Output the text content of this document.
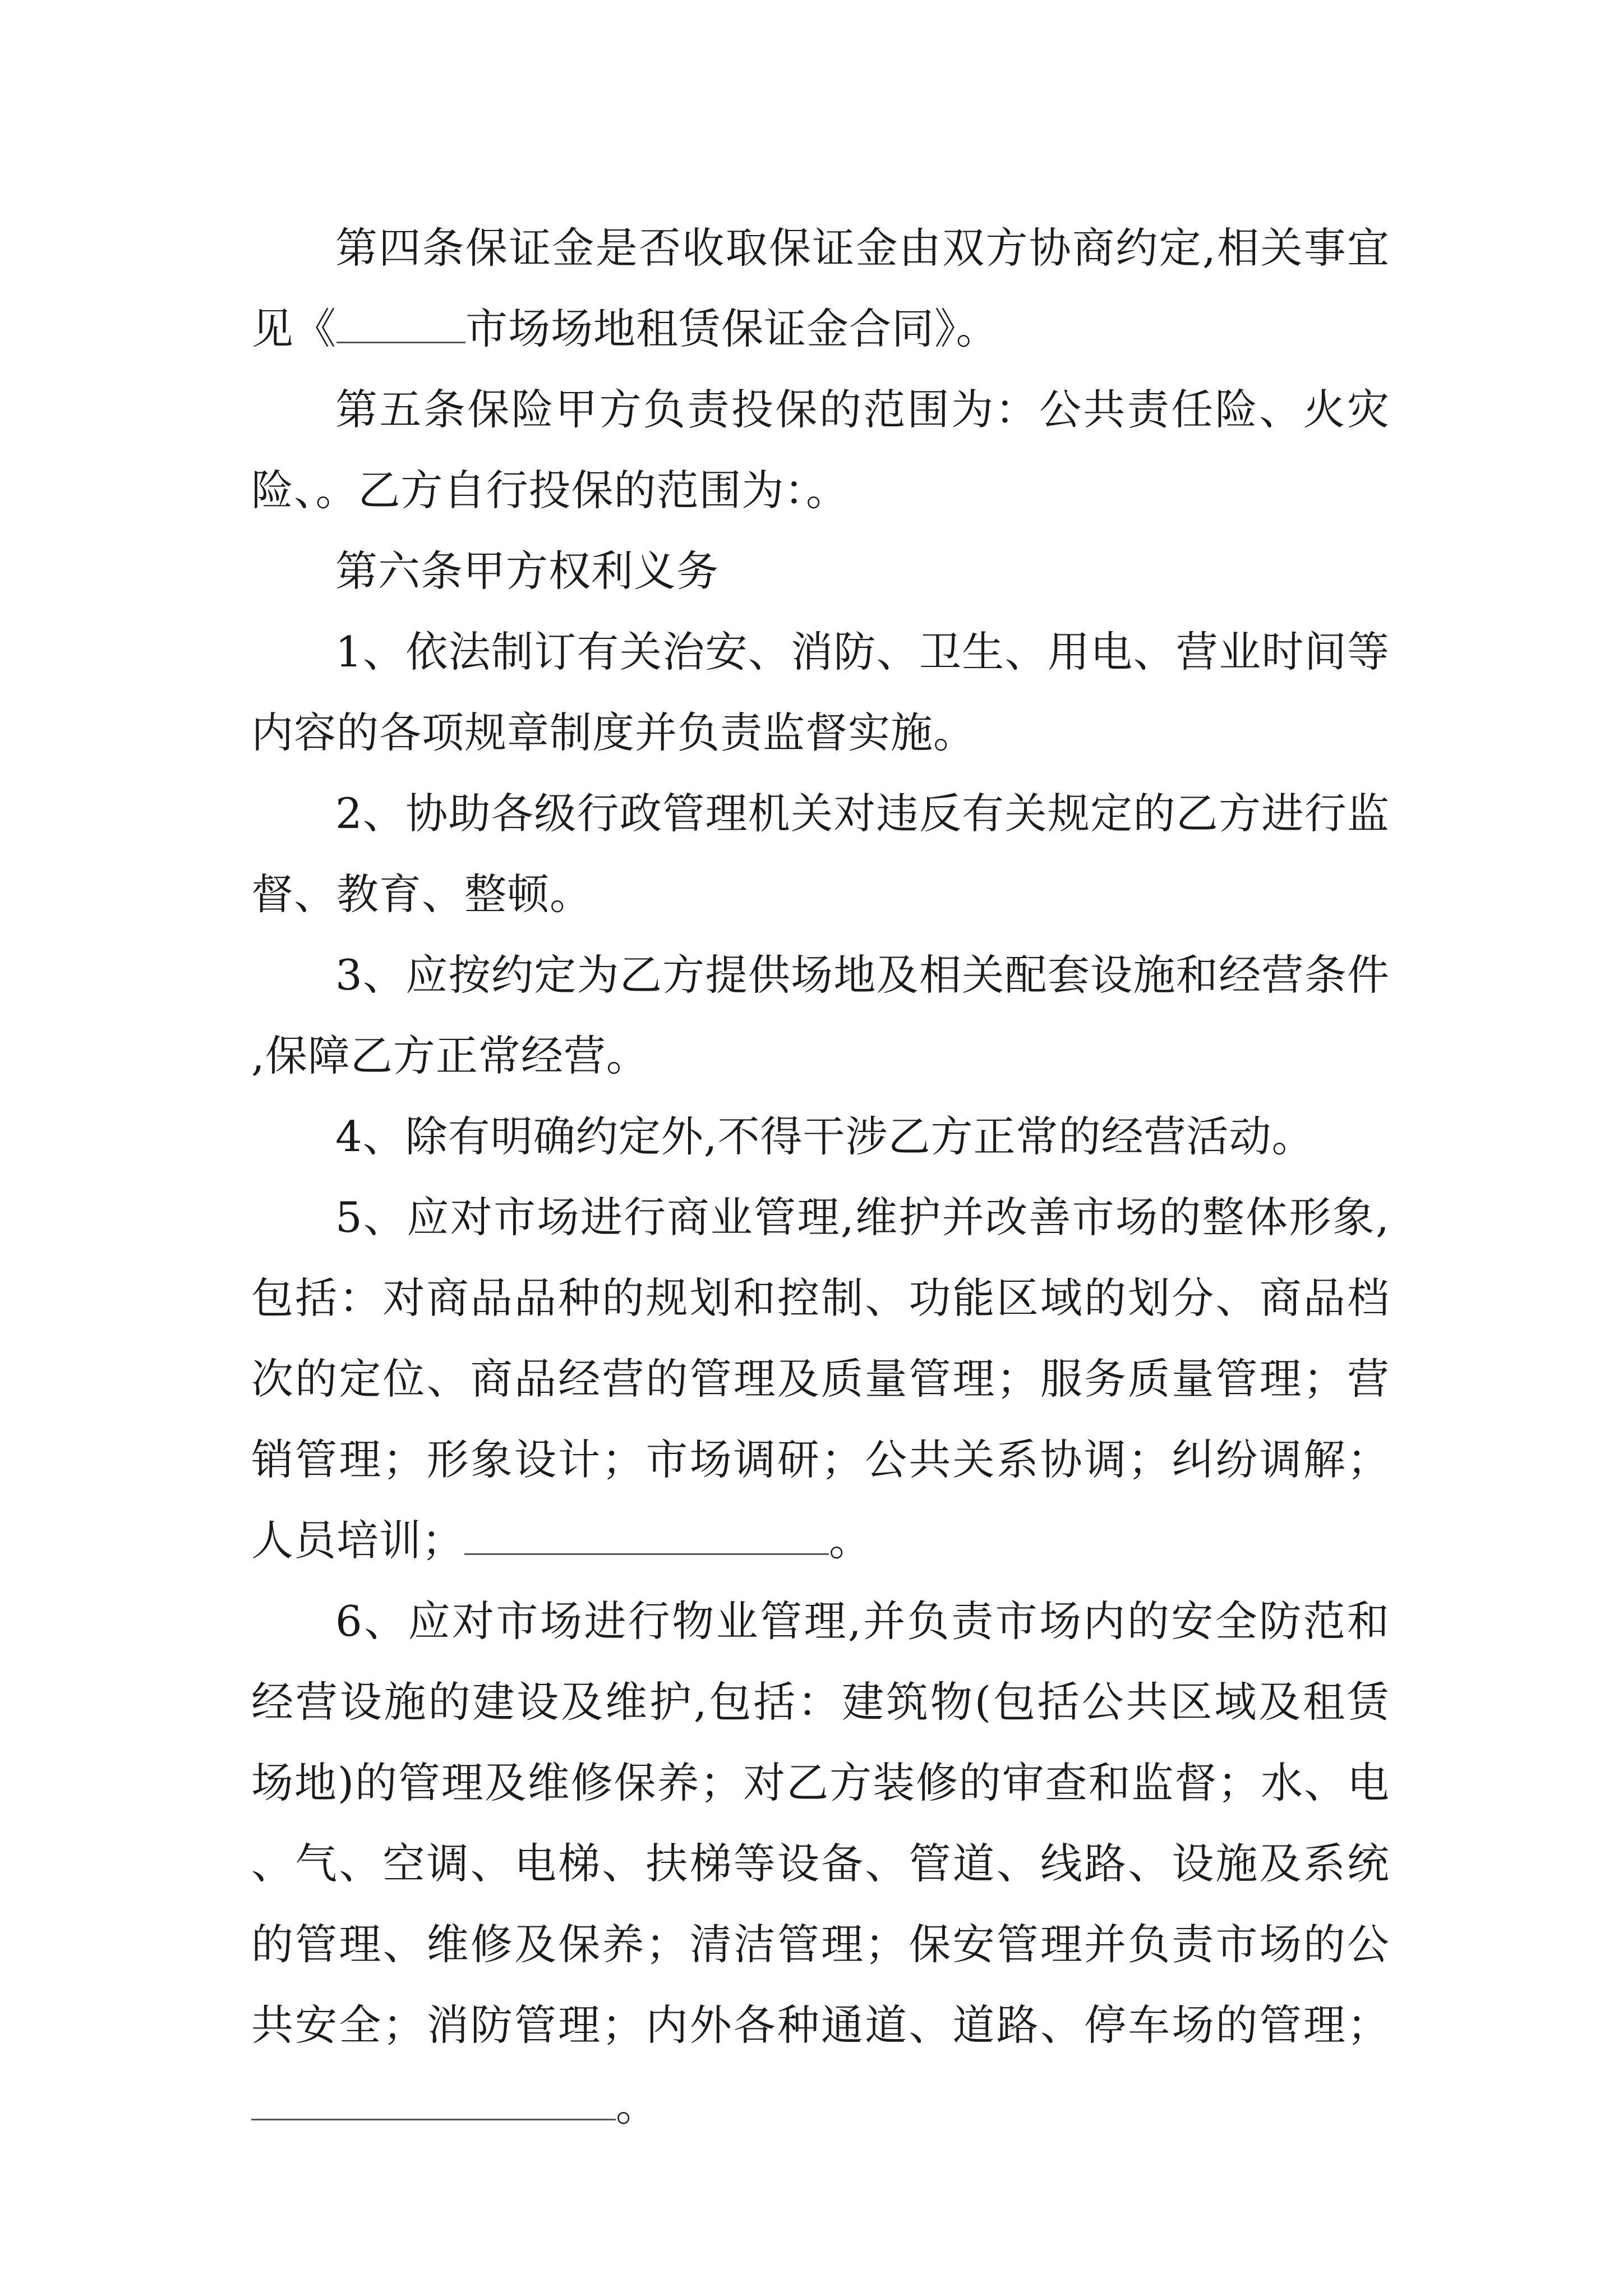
第四条保证金是否收取保证金由双方协商约定,相关事宜见《	市场场地租赁保证金合同》。

第五条保险甲方负责投保的范围为：公共责任险、火灾险、。乙方自行投保的范围为：。

第六条甲方权利义务

1、依法制订有关治安、消防、卫生、用电、营业时间等内容的各项规章制度并负责监督实施。

2、协助各级行政管理机关对违反有关规定的乙方进行监督、教育、整顿。

3、应按约定为乙方提供场地及相关配套设施和经营条件,保障乙方正常经营。

4、除有明确约定外,不得干涉乙方正常的经营活动。

5、应对市场进行商业管理,维护并改善市场的整体形象,包括：对商品品种的规划和控制、功能区域的划分、商品档次的定位、商品经营的管理及质量管理；服务质量管理；营销管理；形象设计；市场调研；公共关系协调；纠纷调解；人员培训；	。

6、应对市场进行物业管理,并负责市场内的安全防范和经营设施的建设及维护,包括：建筑物(包括公共区域及租赁场地)的管理及维修保养；对乙方装修的审查和监督；水、电、气、空调、电梯、扶梯等设备、管道、线路、设施及系统的管理、维修及保养；清洁管理；保安管理并负责市场的公共安全；消防管理；内外各种通道、道路、停车场的管理；。
